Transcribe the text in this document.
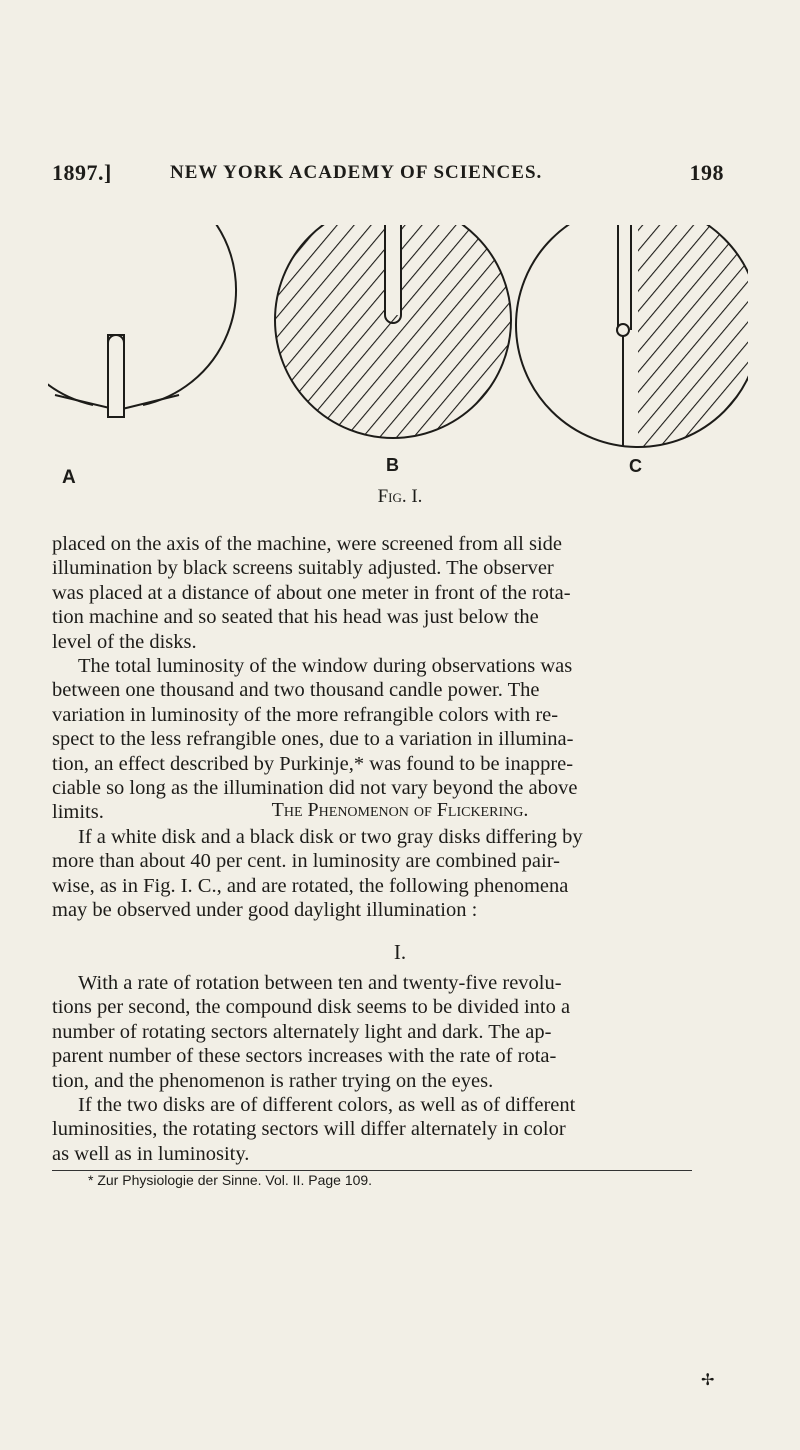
1897.]	NEW YORK ACADEMY OF SCIENCES.	198
A
B	C
Fig. I.

placed on the axis of the machine, were screened from all side
illumination by black screens suitably adjusted. The observer
was placed at a distance of about one meter in front of the rota-
tion machine and so seated that his head was just below the
level of the disks.

The total luminosity of the window during observations was
between one thousand and two thousand candle power. The
variation in luminosity of the more refrangible colors with re-
spect to the less refrangible ones, due to a variation in illumina-
tion, an effect described by Purkinje,* was found to be inappre-
ciable so long as the illumination did not vary beyond the above
limits.	The Phenomenon of Flickering.

If a white disk and a black disk or two gray disks differing by
more than about 40 per cent. in luminosity are combined pair-
wise, as in Fig. I. C., and are rotated, the following phenomena
may be observed under good daylight illumination :

I.

With a rate of rotation between ten and twenty-five revolu-
tions per second, the compound disk seems to be divided into a
number of rotating sectors alternately light and dark. The ap-
parent number of these sectors increases with the rate of rota-
tion, and the phenomenon is rather trying on the eyes.

If the two disks are of different colors, as well as of different
luminosities, the rotating sectors will differ alternately in color
as well as in luminosity.

* Zur Physiologie der Sinne. Vol. II. Page 109.
✢
